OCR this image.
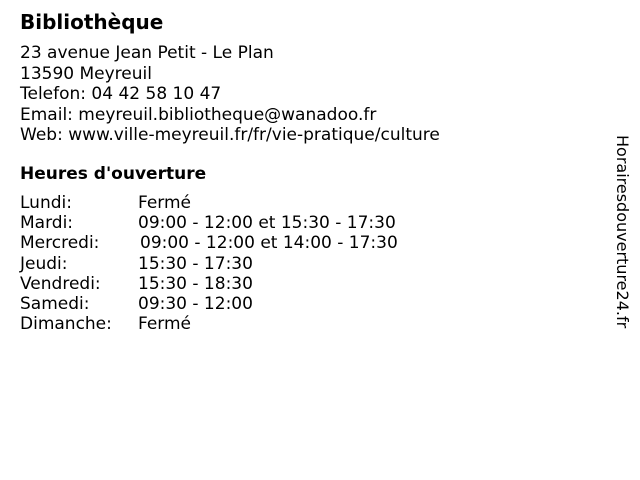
Bibliothèque
23 avenue Jean Petit - Le Plan
13590 Meyreuil
Telefon: 04 42 58 10 47
Email: meyreuil.bibliotheque@wanadoo.fr
Web: www.ville-meyreuil.fr/fr/vie-pratique/culture
Heures d'ouverture
Lundi:	Fermé
Mardi:	09:00 - 12:00 et 15:30 - 17:30
Mercredi: 09:00 - 12:00 et 14:00 - 17:30
Jeudi:	15:30 - 17:30
Vendredi: 15:30 - 18:30
Samedi:	09:30 - 12:00
Dimanche: Fermé	Horairesdouverture24.fr
